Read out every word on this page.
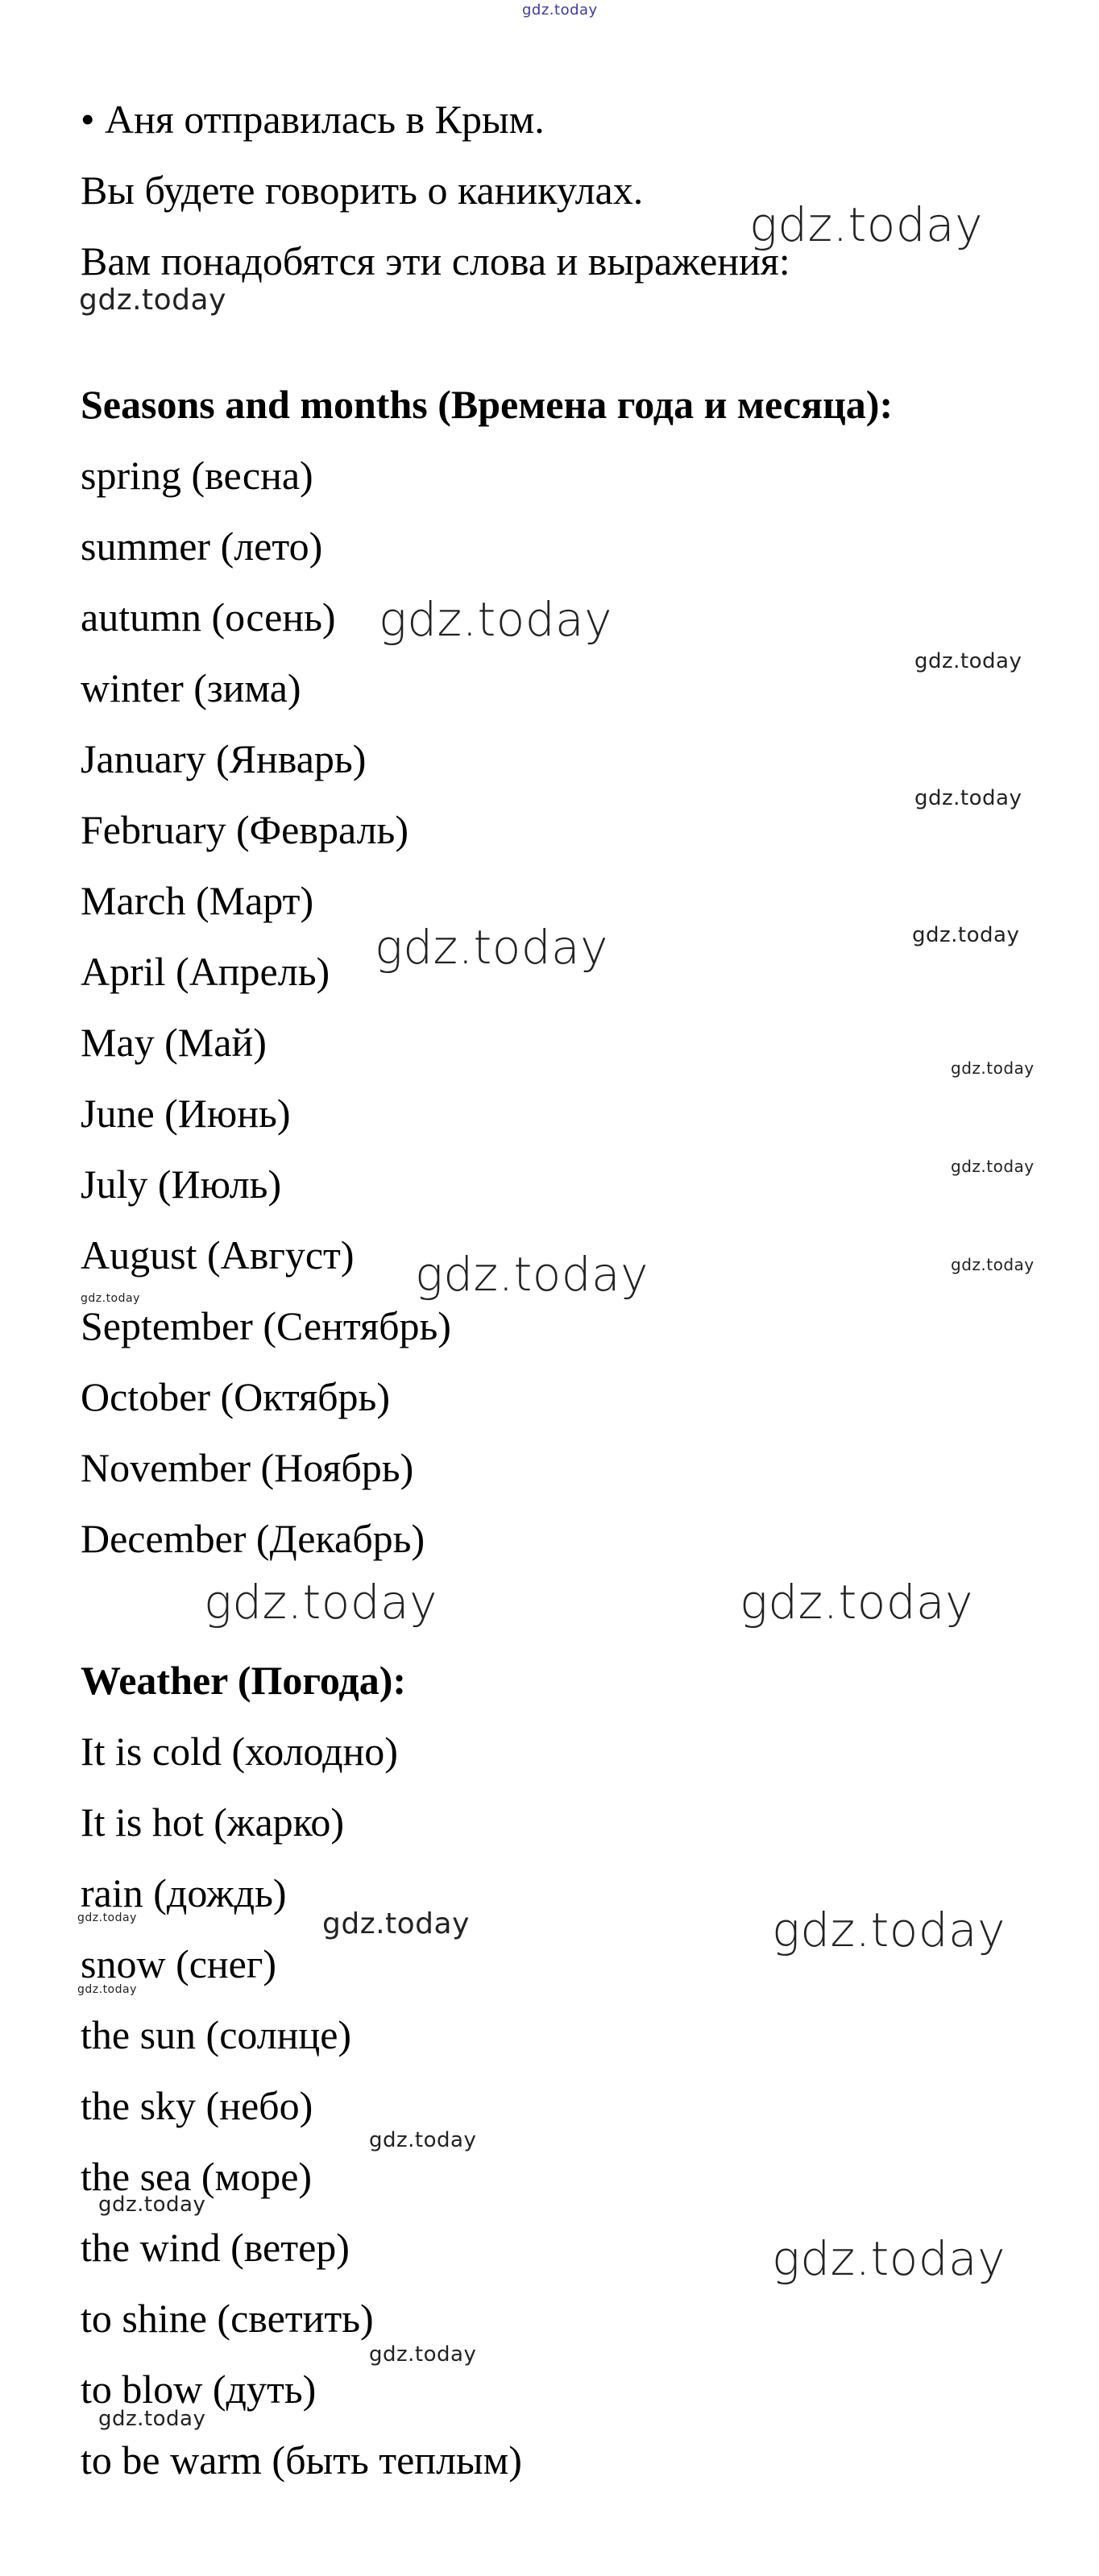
• Аня отправилась в Крым.
Вы будете говорить о каникулах.
Вам понадобятся эти слова и выражения:
Seasons and months (Времена года и месяца):
spring (весна)
summer (лето)
autumn (осень)
winter (зима)
January (Январь)
February (Февраль)
March (Март)
April (Апрель)
May (Май)
June (Июнь)
July (Июль)
August (Август)
September (Сентябрь)
October (Октябрь)
November (Ноябрь)
December (Декабрь)
Weather (Погода):
It is cold (холодно)
It is hot (жарко)
rain (дождь)
snow (снег)
the sun (солнце)
the sky (небо)
the sea (море)
the wind (ветер)
to shine (светить)
to blow (дуть)
to be warm (быть теплым)
gdz.today
gdz.today
gdz.today
gdz.today
gdz.today
gdz.today
gdz.today
gdz.today
gdz.today
gdz.today
gdz.today
gdz.today
gdz.today
gdz.today	gdz.today
gdz.today	gdz.today	gdz.today
gdz.today
gdz.today
gdz.today
gdz.today
gdz.today
gdz.today
